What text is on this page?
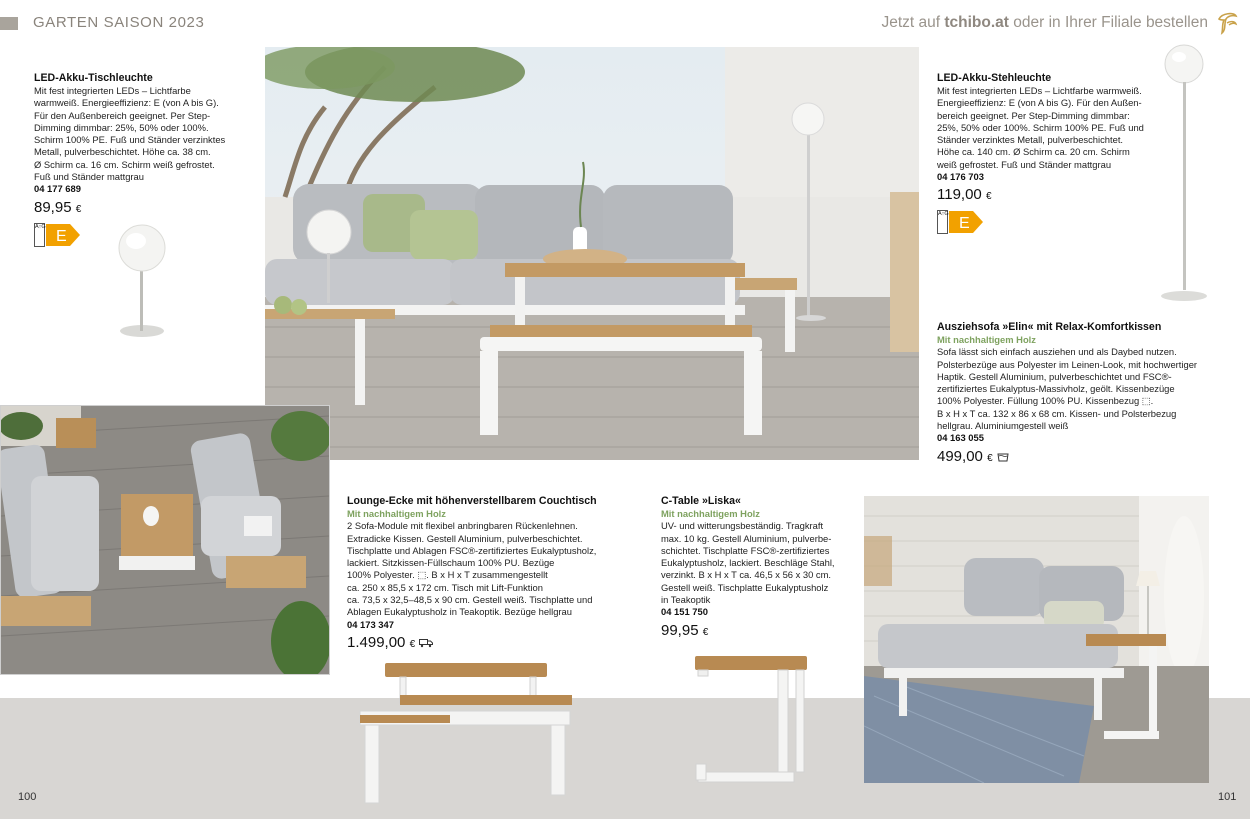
GARTEN SAISON 2023	Jetzt auf tchibo.at oder in Ihrer Filiale bestellen
LED-Akku-Tischleuchte
Mit fest integrierten LEDs – Lichtfarbe
warmweiß. Energieeffizienz: E (von A bis G).
Für den Außenbereich geeignet. Per Step-
Dimming dimmbar: 25%, 50% oder 100%.
Schirm 100% PE. Fuß und Ständer verzinktes
Metall, pulverbeschichtet. Höhe ca. 38 cm.
Ø Schirm ca. 16 cm. Schirm weiß gefrostet.
Fuß und Ständer mattgrau
04 177 689
89,95 €
A↑G
E
Lounge-Ecke mit höhenverstellbarem Couchtisch
Mit nachhaltigem Holz
2 Sofa-Module mit flexibel anbringbaren Rückenlehnen.
Extradicke Kissen. Gestell Aluminium, pulverbeschichtet.
Tischplatte und Ablagen FSC®-zertifiziertes Eukalyptusholz,
lackiert. Sitzkissen-Füllschaum 100% PU. Bezüge
100% Polyester. ⬚. B x H x T zusammengestellt
ca. 250 x 85,5 x 172 cm. Tisch mit Lift-Funktion
ca. 73,5 x 32,5–48,5 x 90 cm. Gestell weiß. Tischplatte und
Ablagen Eukalyptusholz in Teakoptik. Bezüge hellgrau
04 173 347
1.499,00 €
C-Table »Liska«
Mit nachhaltigem Holz
UV- und witterungsbeständig. Tragkraft
max. 10 kg. Gestell Aluminium, pulverbe-
schichtet. Tischplatte FSC®-zertifiziertes
Eukalyptusholz, lackiert. Beschläge Stahl,
verzinkt. B x H x T ca. 46,5 x 56 x 30 cm.
Gestell weiß. Tischplatte Eukalyptusholz
in Teakoptik
04 151 750
99,95 €
LED-Akku-Stehleuchte
Mit fest integrierten LEDs – Lichtfarbe warmweiß.
Energieeffizienz: E (von A bis G). Für den Außen-
bereich geeignet. Per Step-Dimming dimmbar:
25%, 50% oder 100%. Schirm 100% PE. Fuß und
Ständer verzinktes Metall, pulverbeschichtet.
Höhe ca. 140 cm. Ø Schirm ca. 20 cm. Schirm
weiß gefrostet. Fuß und Ständer mattgrau
04 176 703
119,00 €
A↑G
E
Ausziehsofa »Elin« mit Relax-Komfortkissen
Mit nachhaltigem Holz
Sofa lässt sich einfach ausziehen und als Daybed nutzen.
Polsterbezüge aus Polyester im Leinen-Look, mit hochwertiger
Haptik. Gestell Aluminium, pulverbeschichtet und FSC®-
zertifiziertes Eukalyptus-Massivholz, geölt. Kissenbezüge
100% Polyester. Füllung 100% PU. Kissenbezug ⬚.
B x H x T ca. 132 x 86 x 68 cm. Kissen- und Polsterbezug
hellgrau. Aluminiumgestell weiß
04 163 055
499,00 €
100	101
